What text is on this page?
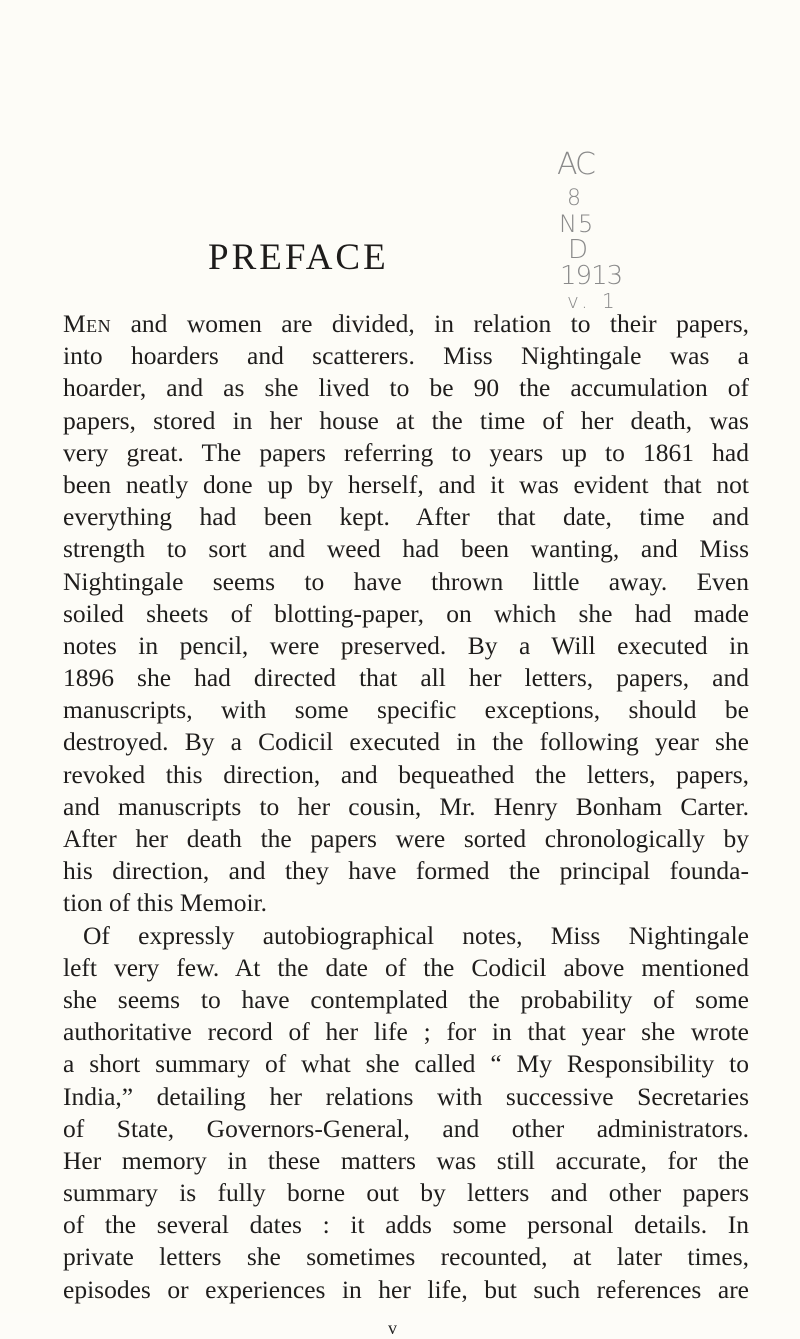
AC
8
N5
D
1913
v. 1
PREFACE
Men and women are divided, in relation to their papers,
into hoarders and scatterers. Miss Nightingale was a
hoarder, and as she lived to be 90 the accumulation of
papers, stored in her house at the time of her death, was
very great. The papers referring to years up to 1861 had
been neatly done up by herself, and it was evident that not
everything had been kept. After that date, time and
strength to sort and weed had been wanting, and Miss
Nightingale seems to have thrown little away. Even
soiled sheets of blotting-paper, on which she had made
notes in pencil, were preserved. By a Will executed in
1896 she had directed that all her letters, papers, and
manuscripts, with some specific exceptions, should be
destroyed. By a Codicil executed in the following year she
revoked this direction, and bequeathed the letters, papers,
and manuscripts to her cousin, Mr. Henry Bonham Carter.
After her death the papers were sorted chronologically by
his direction, and they have formed the principal founda-
tion of this Memoir.
Of expressly autobiographical notes, Miss Nightingale
left very few. At the date of the Codicil above mentioned
she seems to have contemplated the probability of some
authoritative record of her life ; for in that year she wrote
a short summary of what she called “ My Responsibility to
India,” detailing her relations with successive Secretaries
of State, Governors-General, and other administrators.
Her memory in these matters was still accurate, for the
summary is fully borne out by letters and other papers
of the several dates : it adds some personal details. In
private letters she sometimes recounted, at later times,
episodes or experiences in her life, but such references are
v
